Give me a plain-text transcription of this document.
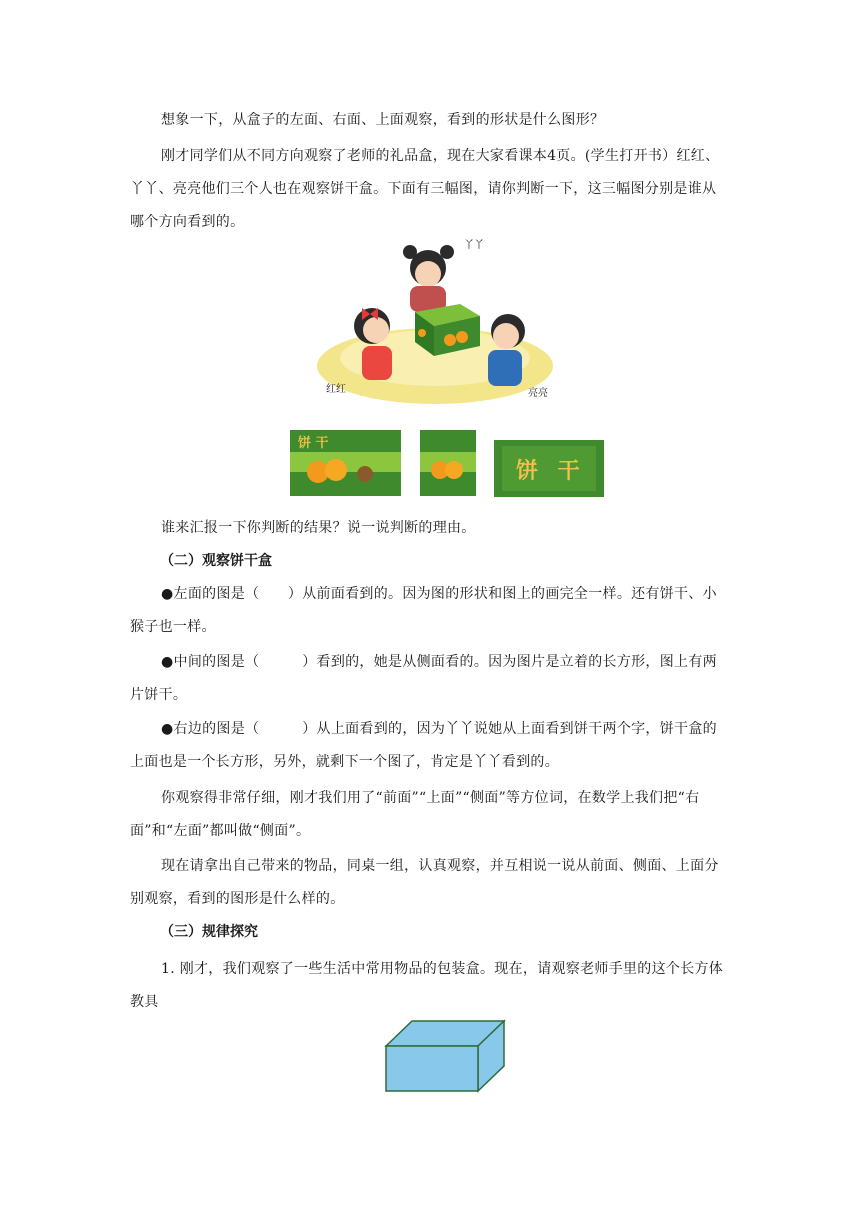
想象一下，从盒子的左面、右面、上面观察，看到的形状是什么图形？

刚才同学们从不同方向观察了老师的礼品盒，现在大家看课本4页。(学生打开书）红红、丫丫、亮亮他们三个人也在观察饼干盒。下面有三幅图，请你判断一下，这三幅图分别是谁从哪个方向看到的。

丫丫
红红	亮亮
饼 干
饼 干

谁来汇报一下你判断的结果？说一说判断的理由。

（二）观察饼干盒

●左面的图是（　　）从前面看到的。因为图的形状和图上的画完全一样。还有饼干、小猴子也一样。

●中间的图是（　　　）看到的，她是从侧面看的。因为图片是立着的长方形，图上有两片饼干。

●右边的图是（　　　）从上面看到的，因为丫丫说她从上面看到饼干两个字，饼干盒的上面也是一个长方形，另外，就剩下一个图了，肯定是丫丫看到的。

你观察得非常仔细，刚才我们用了“前面”“上面”“侧面”等方位词，在数学上我们把“右面”和“左面”都叫做“侧面”。

现在请拿出自己带来的物品，同桌一组，认真观察，并互相说一说从前面、侧面、上面分别观察，看到的图形是什么样的。

（三）规律探究

1. 刚才，我们观察了一些生活中常用物品的包装盒。现在，请观察老师手里的这个长方体教具
